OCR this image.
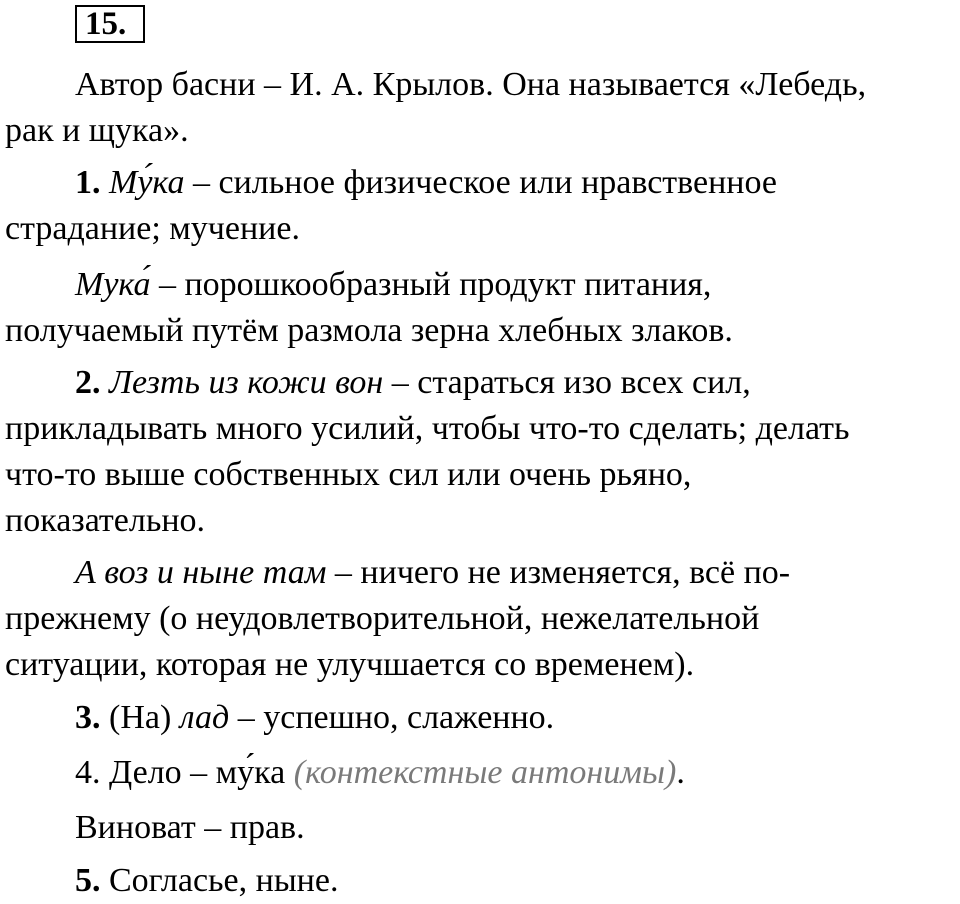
15.
Автор басни – И. А. Крылов. Она называется «Лебедь,
рак и щука».
1. Му́ка – сильное физическое или нравственное
страдание; мучение.
Мука́ – порошкообразный продукт питания,
получаемый путём размола зерна хлебных злаков.
2. Лезть из кожи вон – стараться изо всех сил,
прикладывать много усилий, чтобы что-то сделать; делать
что-то выше собственных сил или очень рьяно,
показательно.
А воз и ныне там – ничего не изменяется, всё по-
прежнему (о неудовлетворительной, нежелательной
ситуации, которая не улучшается со временем).
3. (На) лад – успешно, слаженно.
4. Дело – му́ка (контекстные антонимы).
Виноват – прав.
5. Согласье, ныне.
